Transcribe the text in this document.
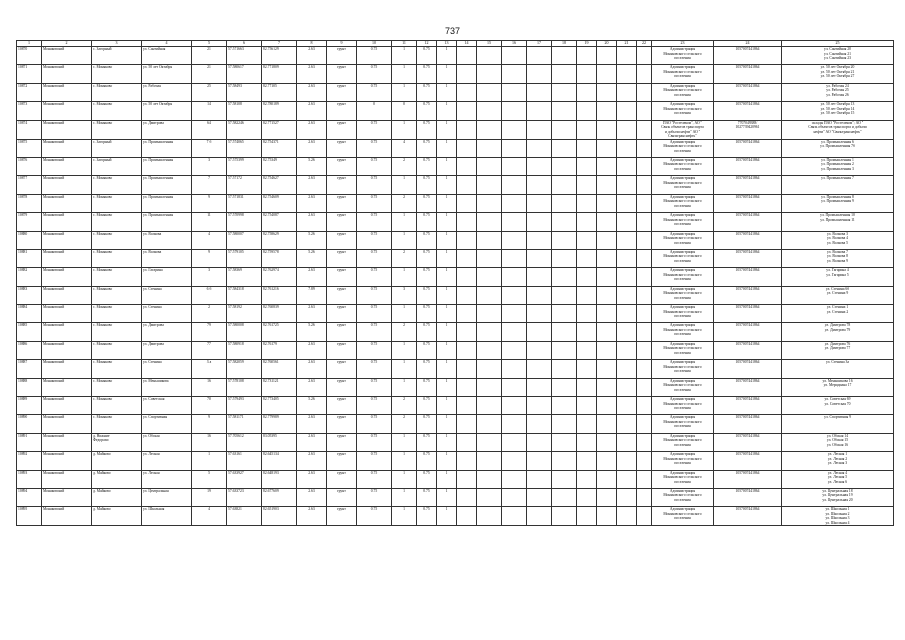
737
1	2	3	4	5	6	7	8	9	10	11	12	13	14	15	16	17	18	19	20	21	22	23	24	25
10870	Моняковский	с. Загорный	ул. Сантийная	21	57.571663	82.756129	2.63	грунт	0.75	1	0.75	1										Администрация
Моняковского сельского
поселения	1057007441864	ул. Сантийная 20
ул. Сантийная 21
ул. Сантийная 23
10871	Моняковский	с. Моняково	ул. 50 лет Октября	21	57.580617	82.771809	2.63	грунт	0.75	1	0.75	1										Администрация
Моняковского сельского
поселения	1057007441864	ул. 50 лет Октября 20
ул. 50 лет Октября 21
ул. 50 лет Октября 27
10872	Моняковский	с. Моняково	ул. Рабочая	25	57.58493	82.77105	2.63	грунт	0.75	1	0.75	1										Администрация
Моняковского сельского
поселения	1057007441864	ул. Рабочая 24
ул. Рабочая 25
ул. Рабочая 26
10873	Моняковский	с. Моняково	ул. 50 лет Октября	14	57.58108	82.780189	2.63	грунт	0	0	0.75	1										Администрация
Моняковского сельского
поселения	1057007441864	ул. 50 лет Октября 13
ул. 50 лет Октября 14
ул. 50 лет Октября 15
10874	Моняковский	с. Моняково	ул. Дмитрова	64	57.582246	82.771527	2.63	грунт	0.75	1	0.75	1										ПАО "Ростелеком", АО "
Связь объектов транспорта
и добычи нефти" АО "
Связьтранснефть"	7707049388/
1027739420961	склады ПАО "Ростелеком"; АО "
Связь объектов транспорта и добычи
нефти" АО "Связьтранснефть"
10875	Моняковский	с. Загорный	ул. Промышленная	7 б	57.574065	82.754371	2.63	грунт	0.75	4	0.75	1										Администрация
Моняковского сельского
поселения	1057007441864	ул. Промышленная 6
ул. Промышленная 7б
10876	Моняковский	с. Загорный	ул. Промышленная	3	57.575399	82.75349	5.26	грунт	0.75	2	0.75	1										Администрация
Моняковского сельского
поселения	1057007441864	ул. Промышленная 1
ул. Промышленная 2
ул. Промышленная 3
10877	Моняковский	с. Моняково	ул. Промышленная	7	57.57172	82.754627	2.63	грунт	0.75	1	0.75	1										Администрация
Моняковского сельского
поселения	1057007441864	ул. Промышленная 7
10878	Моняковский	с. Моняково	ул. Промышленная	9	57.571831	82.754609	2.63	грунт	0.75	2	0.75	1										Администрация
Моняковского сельского
поселения	1057007441864	ул. Промышленная 8
ул. Промышленная 9
10879	Моняковский	с. Моняково	ул. Промышленная	11	57.570998	82.754087	2.63	грунт	0.75	1	0.75	1										Администрация
Моняковского сельского
поселения	1057007441864	ул. Промышленная 10
ул. Промышленная 11
10880	Моняковский	с. Моняково	ул. Волкова	4	57.580007	82.758629	5.26	грунт	0.75	1	0.75	1										Администрация
Моняковского сельского
поселения	1057007441864	ул. Волкова 3
ул. Волкова 4
ул. Волкова 5
10881	Моняковский	с. Моняково	ул. Волкова	9	57.579105	82.759578	5.26	грунт	0.75	2	0.75	1										Администрация
Моняковского сельского
поселения	1057007441864	ул. Волкова 7
ул. Волкова 8
ул. Волкова 9
10882	Моняковский	с. Моняково	ул. Гагарина	3	57.58369	82.762974	2.63	грунт	0.75	1	0.75	1										Администрация
Моняковского сельского
поселения	1057007441864	ул. Гагарина 4
ул. Гагарина 5
10883	Моняковский	с. Моняково	ул. Стенина	6 б	57.584318	82.761216	7.89	грунт	0.75	3	0.75	1										Администрация
Моняковского сельского
поселения	1057007441864	ул. Стенина 6б
ул. Стенина 9
10884	Моняковский	с. Моняково	ул. Стенина	2	57.58192	82.760839	2.63	грунт	0.75	1	0.75	1										Администрация
Моняковского сельского
поселения	1057007441864	ул. Стенина 1
ул. Стенина 2
10885	Моняковский	с. Моняково	ул. Дмитрова	79	57.580008	82.761725	5.26	грунт	0.75	2	0.75	1										Администрация
Моняковского сельского
поселения	1057007441864	ул. Дмитрова 78
ул. Дмитрова 79
10886	Моняковский	с. Моняково	ул. Дмитрова	77	57.580918	82.76179	2.63	грунт	0.75	1	0.75	1										Администрация
Моняковского сельского
поселения	1057007441864	ул. Дмитрова 76
ул. Дмитрова 77
10887	Моняковский	с. Моняково	ул. Стенина	3 а	57.582059	82.760561	2.63	грунт	0.75	1	0.75	1										Администрация
Моняковского сельского
поселения	1057007441864	ул. Стенина 3а
10888	Моняковский	с. Моняково	ул. Меньшикова	16	57.578108	82.731121	2.63	грунт	0.75	1	0.75	1										Администрация
Моняковского сельского
поселения	1057007441864	ул. Меньшикова 16
ул. Меридиана 17
10889	Моняковский	с. Моняково	ул. Советская	70	57.579493	82.773405	5.26	грунт	0.75	2	0.75	1										Администрация
Моняковского сельского
поселения	1057007441864	ул. Советская 69
ул. Советская 70
10890	Моняковский	с. Моняково	ул. Спортивная	9	57.581171	82.779989	2.63	грунт	0.75	2	0.75	1										Администрация
Моняковского сельского
поселения	1057007441864	ул. Спортивная 9
10891	Моняковский	д. Нижние
Федорахи	ул. Обская	16	57.705612	83.05395	2.63	грунт	0.75	1	0.75	1										Администрация
Моняковского сельского
поселения	1057007441864	ул. Обская 14
ул. Обская 15
ул. Обская 16
10892	Моняковский	д. Майково	ул. Лесная	1	57.63161	82.645134	2.63	грунт	0.75	1	0.75	1										Администрация
Моняковского сельского
поселения	1057007441864	ул. Лесная 1
ул. Лесная 2
ул. Лесная 3
10893	Моняковский	д. Майково	ул. Лесная	5	57.633927	82.648193	2.63	грунт	0.75	1	0.75	1										Администрация
Моняковского сельского
поселения	1057007441864	ул. Лесная 4
ул. Лесная 5
ул. Лесная 6
10894	Моняковский	д. Майково	ул. Центральная	19	57.633723	82.677609	2.63	грунт	0.75	1	0.75	1										Администрация
Моняковского сельского
поселения	1057007441864	ул. Центральная 18
ул. Центральная 19
ул. Центральная 20
10895	Моняковский	д. Майково	ул. Школьная	4	57.63821	82.651903	2.63	грунт	0.75	1	0.75	1										Администрация
Моняковского сельского
поселения	1057007441864	ул. Школьная 1
ул. Школьная 2
ул. Школьная 3
ул. Школьная 4
